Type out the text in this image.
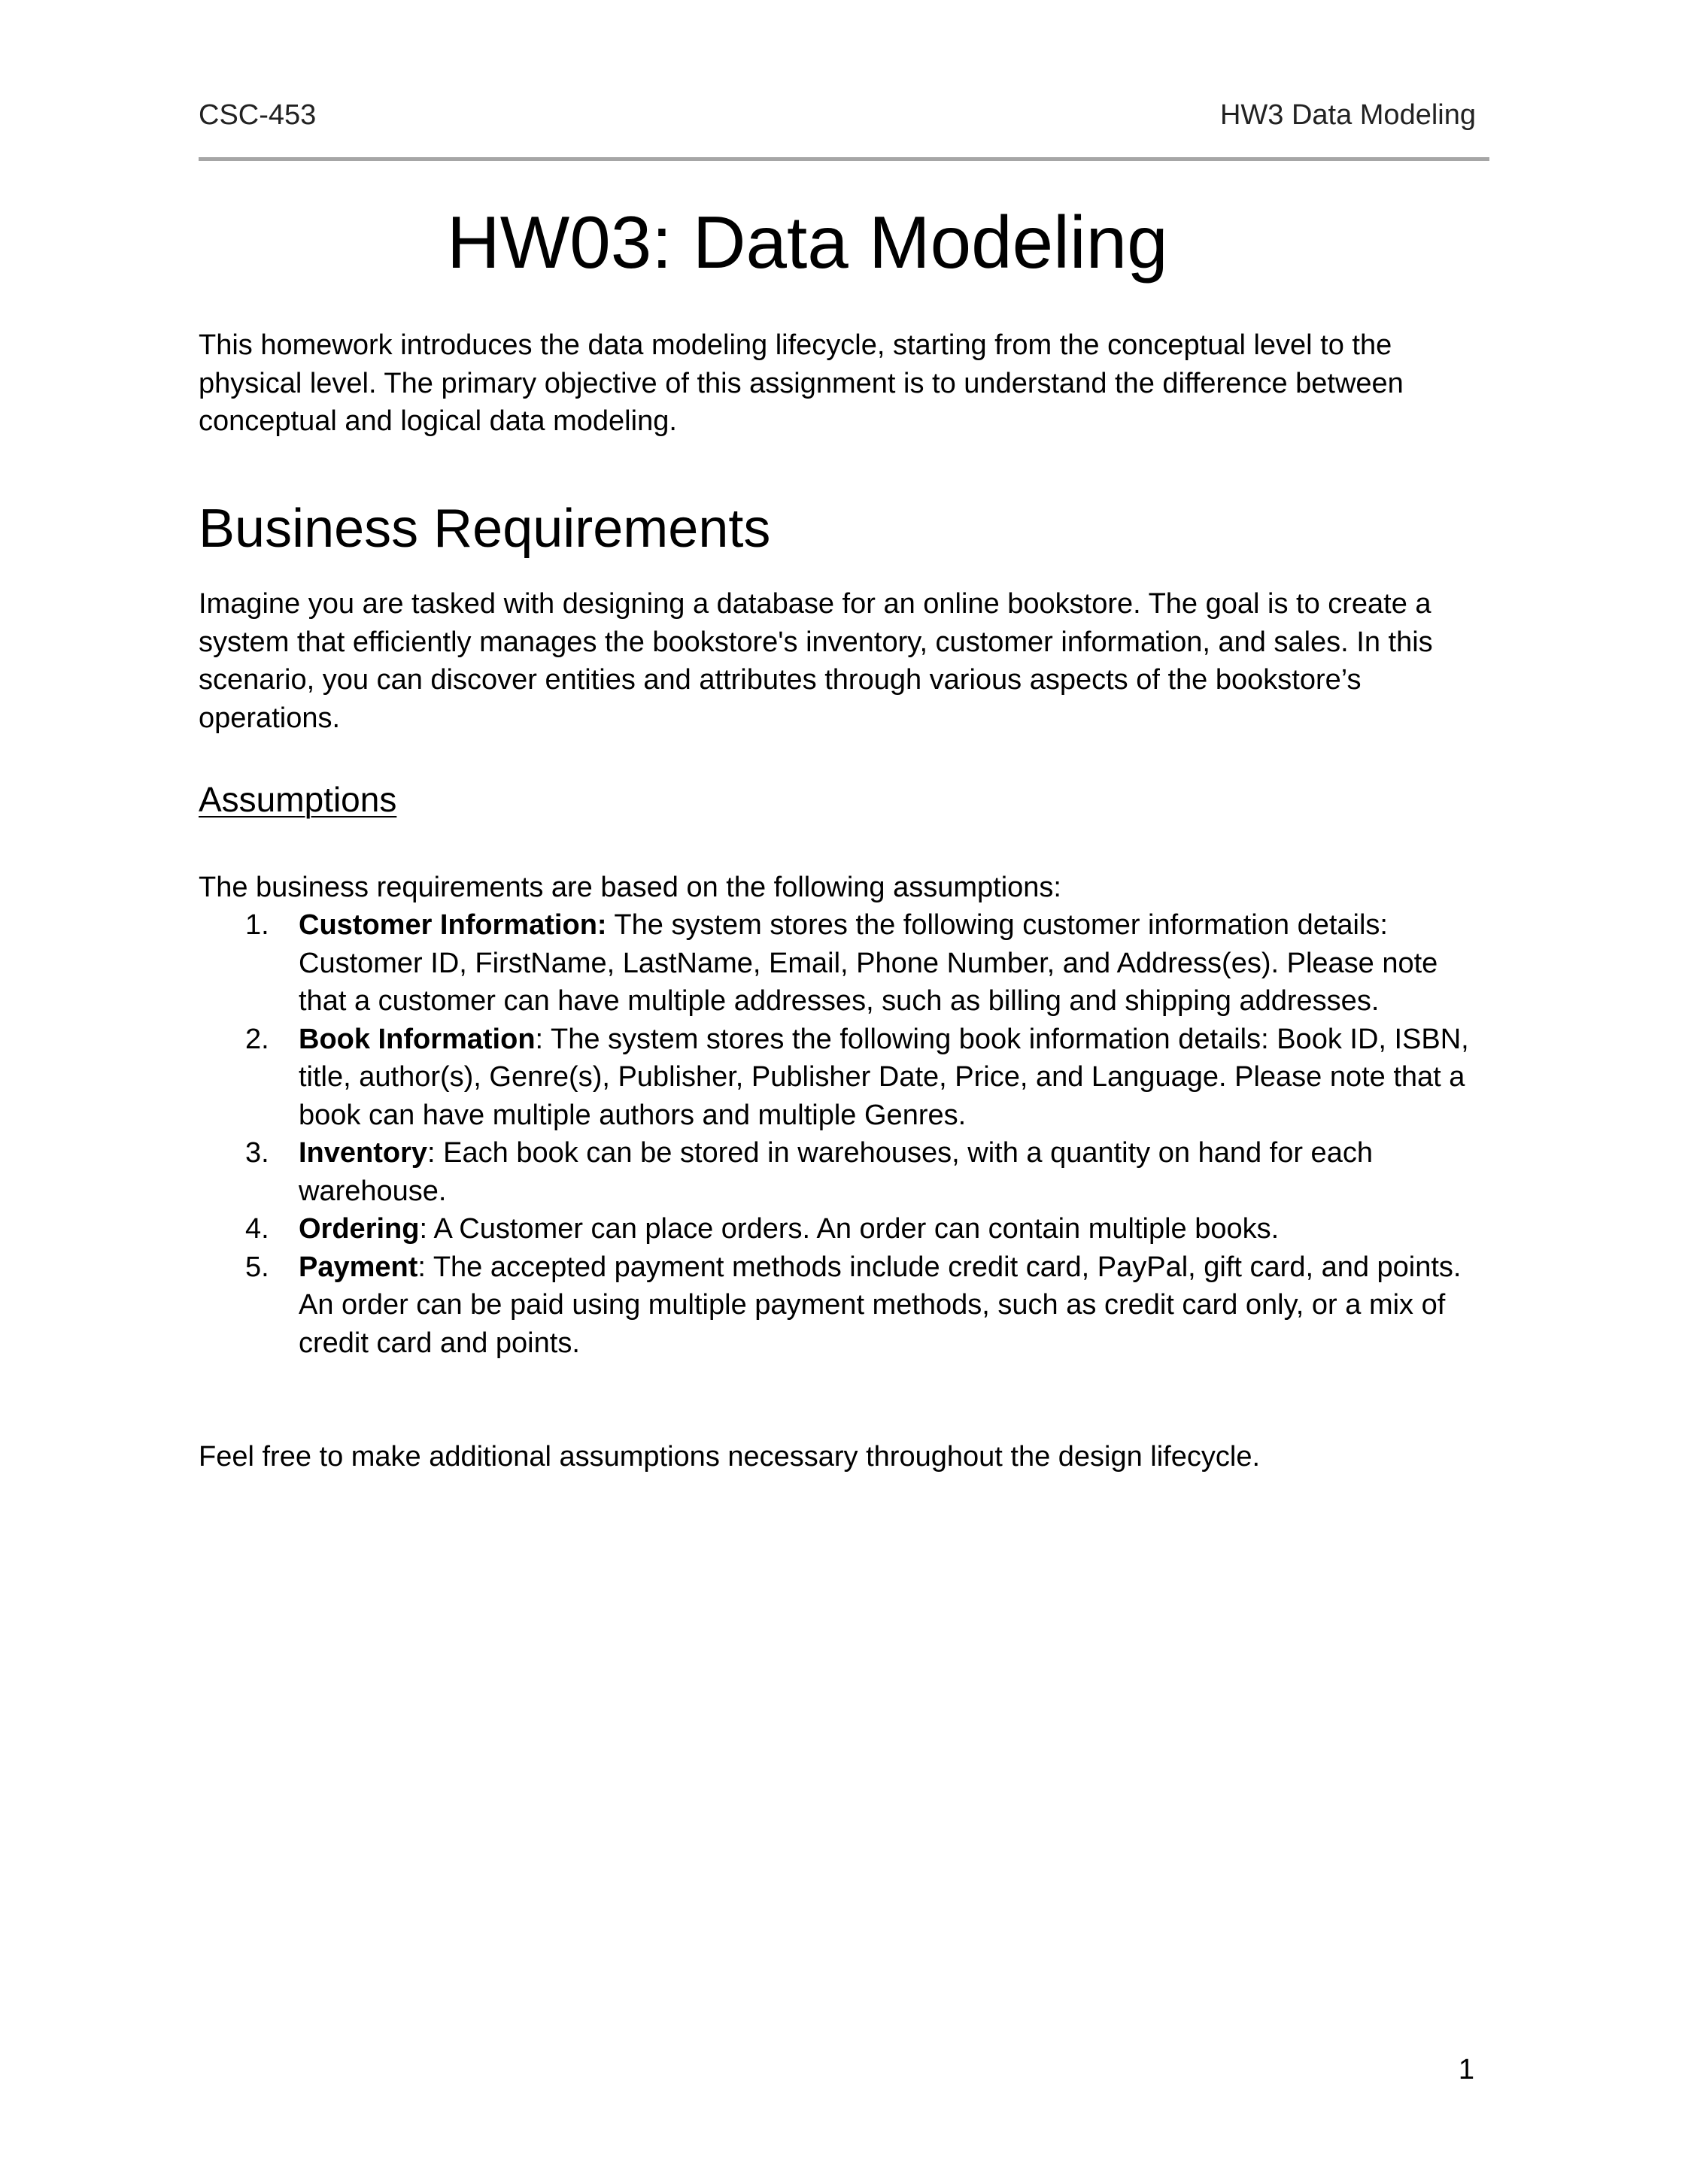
CSC-453	HW3 Data Modeling
HW03: Data Modeling

This homework introduces the data modeling lifecycle, starting from the conceptual level to the physical level. The primary objective of this assignment is to understand the difference between conceptual and logical data modeling.

Business Requirements

Imagine you are tasked with designing a database for an online bookstore. The goal is to create a system that efficiently manages the bookstore's inventory, customer information, and sales. In this scenario, you can discover entities and attributes through various aspects of the bookstore’s operations.

Assumptions

The business requirements are based on the following assumptions:

1. Customer Information: The system stores the following customer information details: Customer ID, FirstName, LastName, Email, Phone Number, and Address(es). Please note that a customer can have multiple addresses, such as billing and shipping addresses.
2. Book Information: The system stores the following book information details: Book ID, ISBN, title, author(s), Genre(s), Publisher, Publisher Date, Price, and Language. Please note that a book can have multiple authors and multiple Genres.
3. Inventory: Each book can be stored in warehouses, with a quantity on hand for each warehouse.
4. Ordering: A Customer can place orders. An order can contain multiple books.
5. Payment: The accepted payment methods include credit card, PayPal, gift card, and points. An order can be paid using multiple payment methods, such as credit card only, or a mix of credit card and points.

Feel free to make additional assumptions necessary throughout the design lifecycle.

1
